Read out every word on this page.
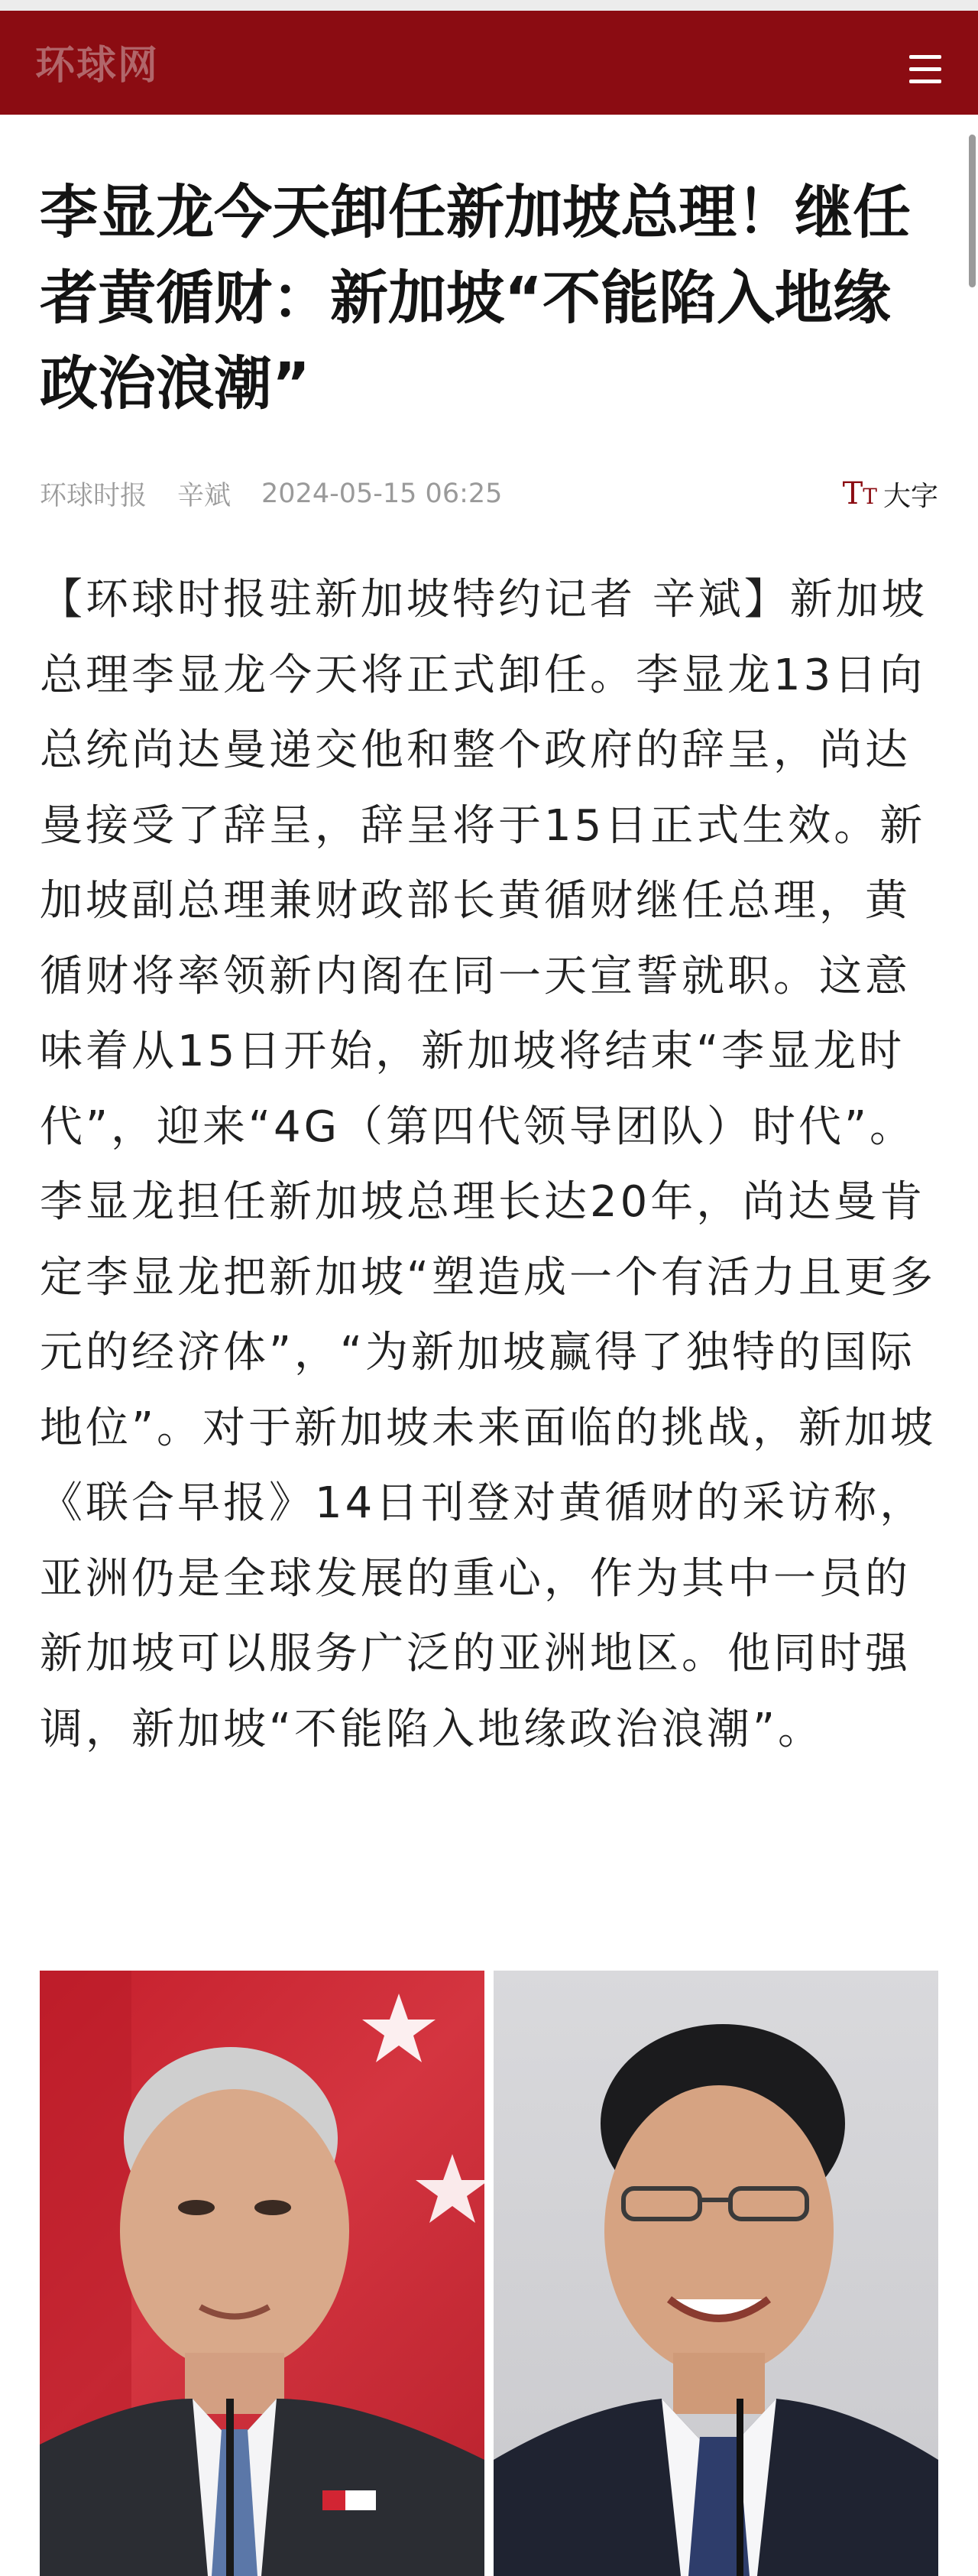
环球网
李显龙今天卸任新加坡总理！继任者黄循财：新加坡“不能陷入地缘政治浪潮”
环球时报 辛斌 2024-05-15 06:25	TT 大字

【环球时报驻新加坡特约记者 辛斌】新加坡总理李显龙今天将正式卸任。李显龙13日向总统尚达曼递交他和整个政府的辞呈，尚达曼接受了辞呈，辞呈将于15日正式生效。新加坡副总理兼财政部长黄循财继任总理，黄循财将率领新内阁在同一天宣誓就职。这意味着从15日开始，新加坡将结束“李显龙时代”，迎来“4G（第四代领导团队）时代”。李显龙担任新加坡总理长达20年，尚达曼肯定李显龙把新加坡“塑造成一个有活力且更多元的经济体”，“为新加坡赢得了独特的国际地位”。对于新加坡未来面临的挑战，新加坡《联合早报》14日刊登对黄循财的采访称，亚洲仍是全球发展的重心，作为其中一员的新加坡可以服务广泛的亚洲地区。他同时强调，新加坡“不能陷入地缘政治浪潮”。
